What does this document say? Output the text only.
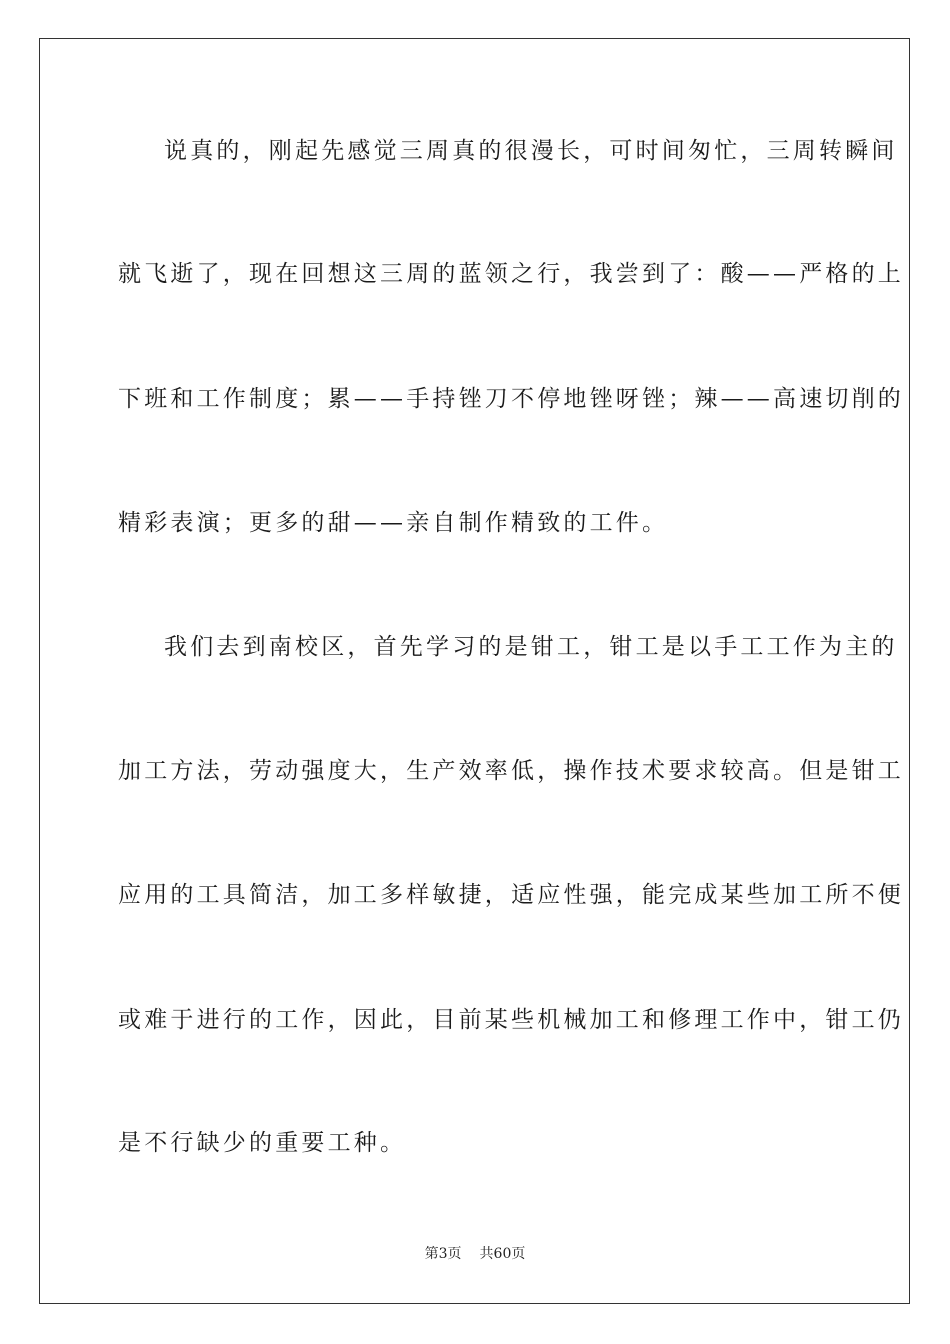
说真的，刚起先感觉三周真的很漫长，可时间匆忙，三周转瞬间
就飞逝了，现在回想这三周的蓝领之行，我尝到了：酸——严格的上
下班和工作制度；累——手持锉刀不停地锉呀锉；辣——高速切削的
精彩表演；更多的甜——亲自制作精致的工件。
我们去到南校区，首先学习的是钳工，钳工是以手工工作为主的
加工方法，劳动强度大，生产效率低，操作技术要求较高。但是钳工
应用的工具简洁，加工多样敏捷，适应性强，能完成某些加工所不便
或难于进行的工作，因此，目前某些机械加工和修理工作中，钳工仍
是不行缺少的重要工种。
第3页 共60页
